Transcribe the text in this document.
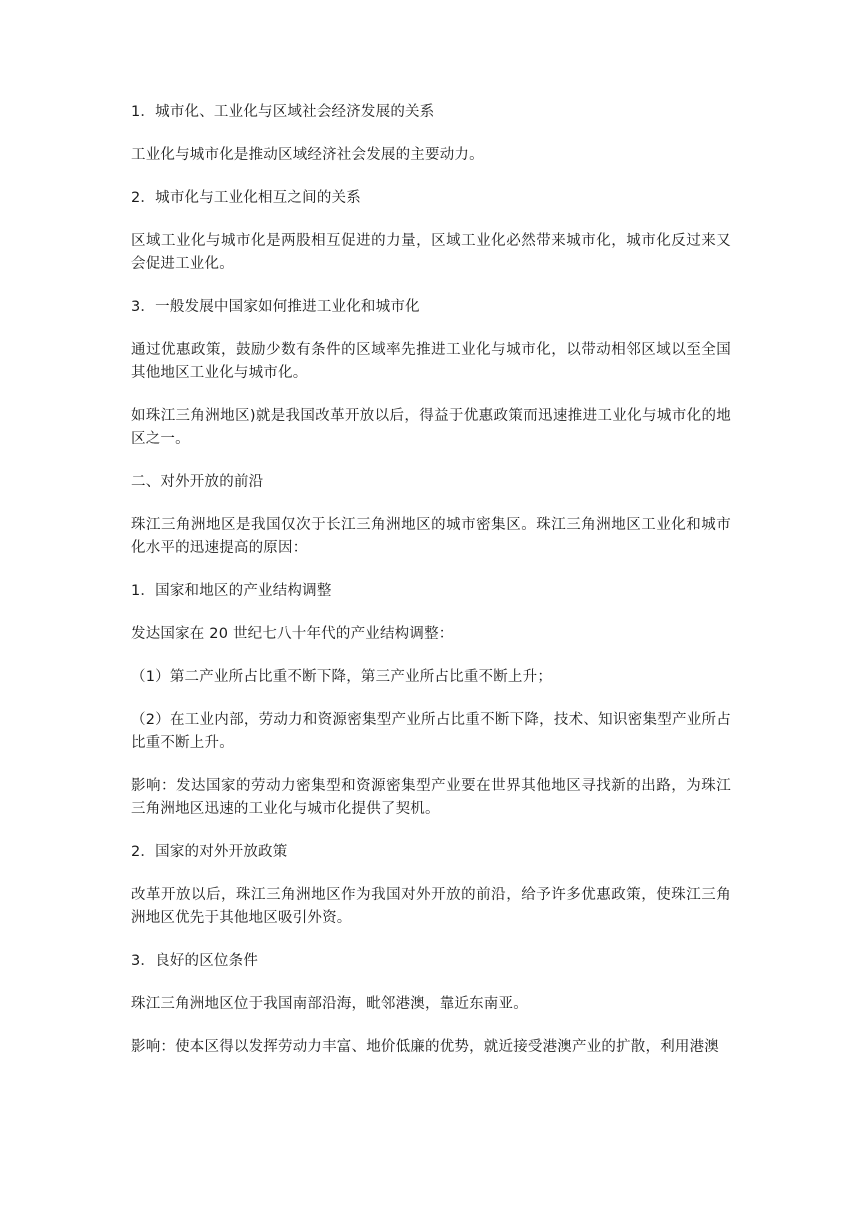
1．城市化、工业化与区域社会经济发展的关系

工业化与城市化是推动区域经济社会发展的主要动力。

2．城市化与工业化相互之间的关系

区域工业化与城市化是两股相互促进的力量，区域工业化必然带来城市化，城市化反过来又会促进工业化。

3．一般发展中国家如何推进工业化和城市化

通过优惠政策，鼓励少数有条件的区域率先推进工业化与城市化，以带动相邻区域以至全国其他地区工业化与城市化。

如珠江三角洲地区)就是我国改革开放以后，得益于优惠政策而迅速推进工业化与城市化的地区之一。

二、对外开放的前沿

珠江三角洲地区是我国仅次于长江三角洲地区的城市密集区。珠江三角洲地区工业化和城市化水平的迅速提高的原因：

1．国家和地区的产业结构调整

发达国家在 20 世纪七八十年代的产业结构调整：

（1）第二产业所占比重不断下降，第三产业所占比重不断上升；

（2）在工业内部，劳动力和资源密集型产业所占比重不断下降，技术、知识密集型产业所占比重不断上升。

影响：发达国家的劳动力密集型和资源密集型产业要在世界其他地区寻找新的出路，为珠江三角洲地区迅速的工业化与城市化提供了契机。

2．国家的对外开放政策

改革开放以后，珠江三角洲地区作为我国对外开放的前沿，给予许多优惠政策，使珠江三角洲地区优先于其他地区吸引外资。

3．良好的区位条件

珠江三角洲地区位于我国南部沿海，毗邻港澳，靠近东南亚。

影响：使本区得以发挥劳动力丰富、地价低廉的优势，就近接受港澳产业的扩散，利用港澳
